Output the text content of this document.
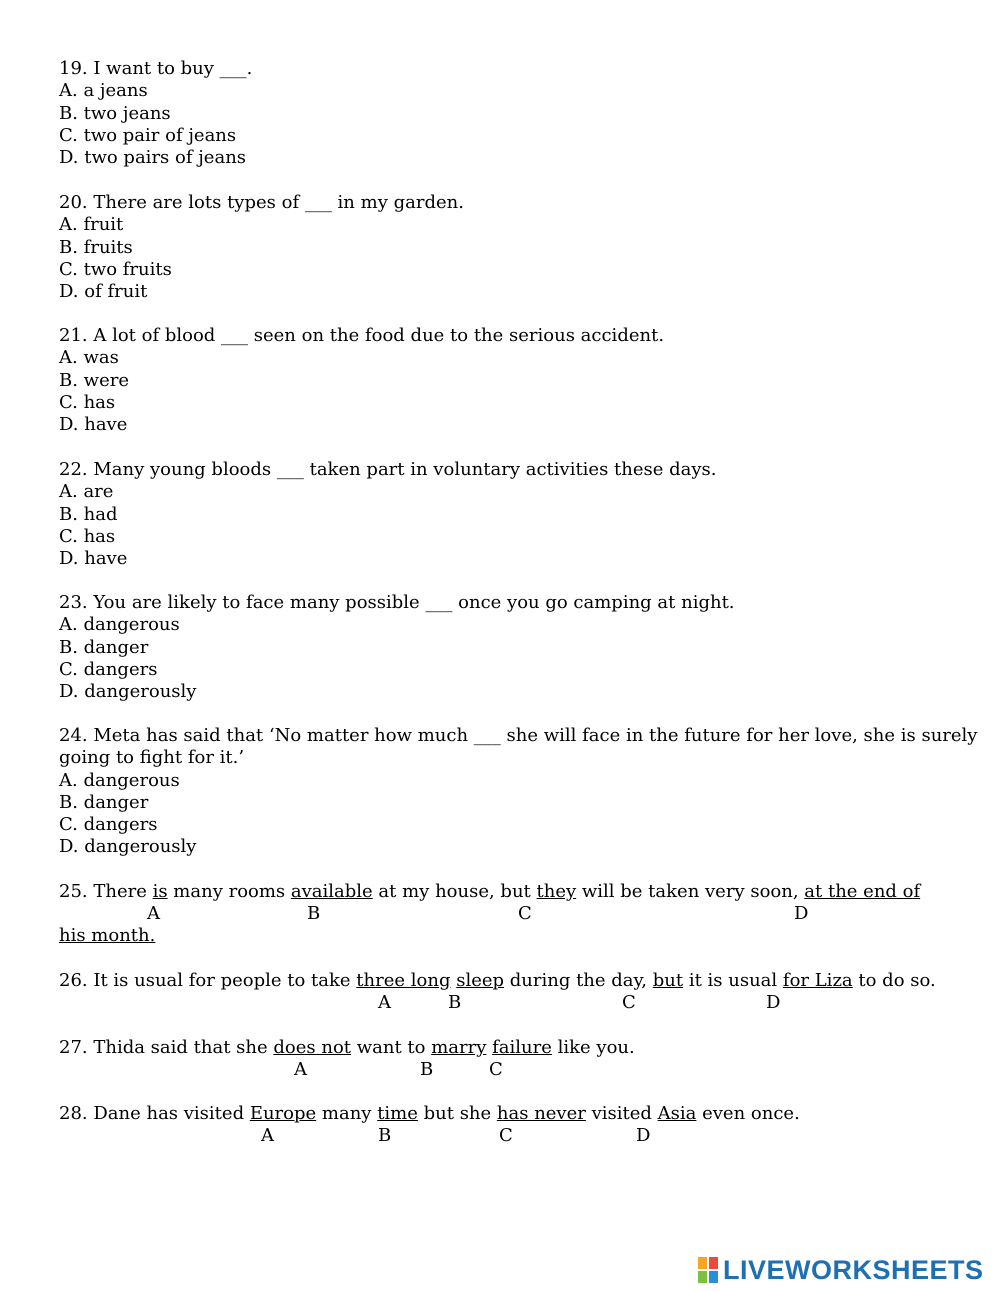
19. I want to buy ___.
A. a jeans
B. two jeans
C. two pair of jeans
D. two pairs of jeans
20. There are lots types of ___ in my garden.
A. fruit
B. fruits
C. two fruits
D. of fruit
21. A lot of blood ___ seen on the food due to the serious accident.
A. was
B. were
C. has
D. have
22. Many young bloods ___ taken part in voluntary activities these days.
A. are
B. had
C. has
D. have
23. You are likely to face many possible ___ once you go camping at night.
A. dangerous
B. danger
C. dangers
D. dangerously
24. Meta has said that ‘No matter how much ___ she will face in the future for her love, she is surely
going to fight for it.’
A. dangerous
B. danger
C. dangers
D. dangerously
25. There is many rooms available at my house, but they will be taken very soon, at the end of
A	B	C	D
his month.
26. It is usual for people to take three long sleep during the day, but it is usual for Liza to do so.
A	B	C	D
27. Thida said that she does not want to marry failure like you.
A	B	C
28. Dane has visited Europe many time but she has never visited Asia even once.
A	B	C	D
LIVEWORKSHEETS
